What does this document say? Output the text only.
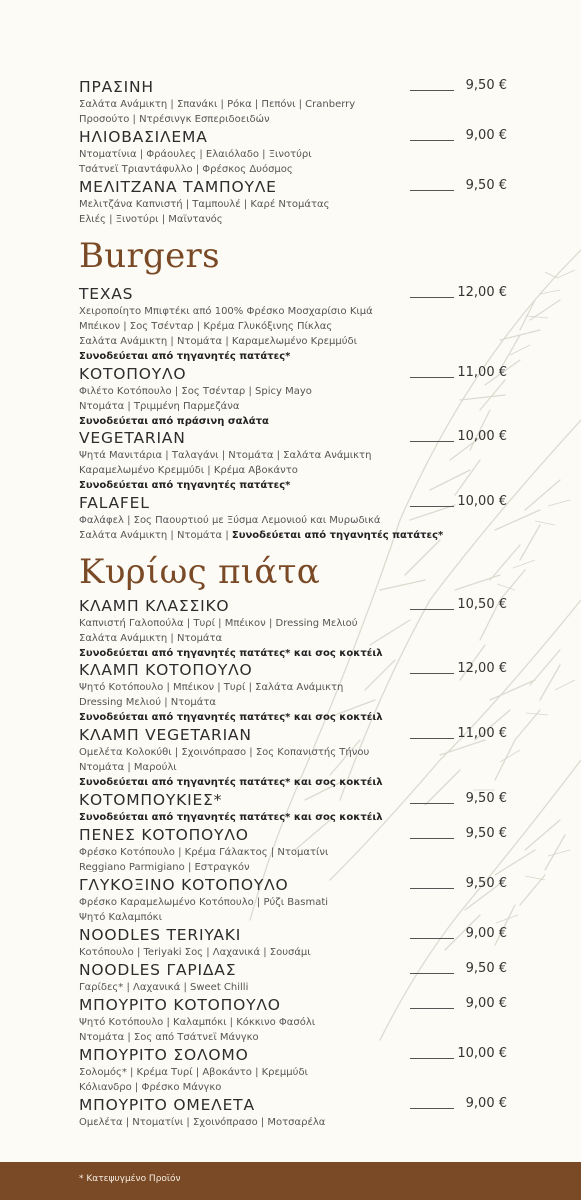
ΠΡΑΣΙΝΗ	9,50 €
Σαλάτα Ανάμικτη | Σπανάκι | Ρόκα | Πεπόνι | Cranberry
Προσούτο | Ντρέσινγκ Εσπεριδοειδών
ΗΛΙΟΒΑΣΙΛΕΜΑ	9,00 €
Ντοματίνια | Φράουλες | Ελαιόλαδο | Ξινοτύρι
Τσάτνεϊ Τριαντάφυλλο | Φρέσκος Δυόσμος
ΜΕΛΙΤΖΑΝΑ ΤΑΜΠΟΥΛΕ	9,50 €
Μελιτζάνα Καπνιστή | Ταμπουλέ | Καρέ Ντομάτας
Ελιές | Ξινοτύρι | Μαϊντανός
Burgers
TEXAS	12,00 €
Χειροποίητο Μπιφτέκι από 100% Φρέσκο Μοσχαρίσιο Κιμά
Μπέικον | Σος Τσένταρ | Κρέμα Γλυκόξινης Πίκλας
Σαλάτα Ανάμικτη | Ντομάτα | Καραμελωμένο Κρεμμύδι
Συνοδεύεται από τηγανητές πατάτες*
ΚΟΤΟΠΟΥΛΟ	11,00 €
Φιλέτο Κοτόπουλο | Σος Τσένταρ | Spicy Mayo
Ντομάτα | Τριμμένη Παρμεζάνα
Συνοδεύεται από πράσινη σαλάτα
VEGETARIAN	10,00 €
Ψητά Μανιτάρια | Ταλαγάνι | Ντομάτα | Σαλάτα Ανάμικτη
Καραμελωμένο Κρεμμύδι | Κρέμα Αβοκάντο
Συνοδεύεται από τηγανητές πατάτες*
FALAFEL	10,00 €
Φαλάφελ | Σος Παουρτιού με Ξύσμα Λεμονιού και Μυρωδικά
Σαλάτα Ανάμικτη | Ντομάτα | Συνοδεύεται από τηγανητές πατάτες*
Κυρίως πιάτα
ΚΛΑΜΠ ΚΛΑΣΣΙΚΟ	10,50 €
Καπνιστή Γαλοπούλα | Τυρί | Μπέικον | Dressing Μελιού
Σαλάτα Ανάμικτη | Ντομάτα
Συνοδεύεται από τηγανητές πατάτες* και σος κοκτέιλ
ΚΛΑΜΠ ΚΟΤΟΠΟΥΛΟ	12,00 €
Ψητό Κοτόπουλο | Μπέικον | Τυρί | Σαλάτα Ανάμικτη
Dressing Μελιού | Ντομάτα
Συνοδεύεται από τηγανητές πατάτες* και σος κοκτέιλ
ΚΛΑΜΠ VEGETARIAN	11,00 €
Ομελέτα Κολοκύθι | Σχοινόπρασο | Σος Κοπανιστής Τήνου
Ντομάτα | Μαρούλι
Συνοδεύεται από τηγανητές πατάτες* και σος κοκτέιλ
ΚΟΤΟΜΠΟΥΚΙΕΣ*	9,50 €
Συνοδεύεται από τηγανητές πατάτες* και σος κοκτέιλ
ΠΕΝΕΣ ΚΟΤΟΠΟΥΛΟ	9,50 €
Φρέσκο Κοτόπουλο | Κρέμα Γάλακτος | Ντοματίνι
Reggiano Parmigiano | Εστραγκόν
ΓΛΥΚΟΞΙΝΟ ΚΟΤΟΠΟΥΛΟ	9,50 €
Φρέσκο Καραμελωμένο Κοτόπουλο | Ρύζι Basmati
Ψητό Καλαμπόκι
NOODLES TERIYAKI	9,00 €
Κοτόπουλο | Teriyaki Σος | Λαχανικά | Σουσάμι
NOODLES ΓΑΡΙΔΑΣ	9,50 €
Γαρίδες* | Λαχανικά | Sweet Chilli
ΜΠΟΥΡΙΤΟ ΚΟΤΟΠΟΥΛΟ	9,00 €
Ψητό Κοτόπουλο | Καλαμπόκι | Κόκκινο Φασόλι
Ντομάτα | Σος από Τσάτνεϊ Μάνγκο
ΜΠΟΥΡΙΤΟ ΣΟΛΟΜΟ	10,00 €
Σολομός* | Κρέμα Τυρί | Αβοκάντο | Κρεμμύδι
Κόλιανδρο | Φρέσκο Μάνγκο
ΜΠΟΥΡΙΤΟ ΟΜΕΛΕΤΑ	9,00 €
Ομελέτα | Ντοματίνι | Σχοινόπρασο | Μοτσαρέλα
* Κατεψυγμένο Προϊόν
